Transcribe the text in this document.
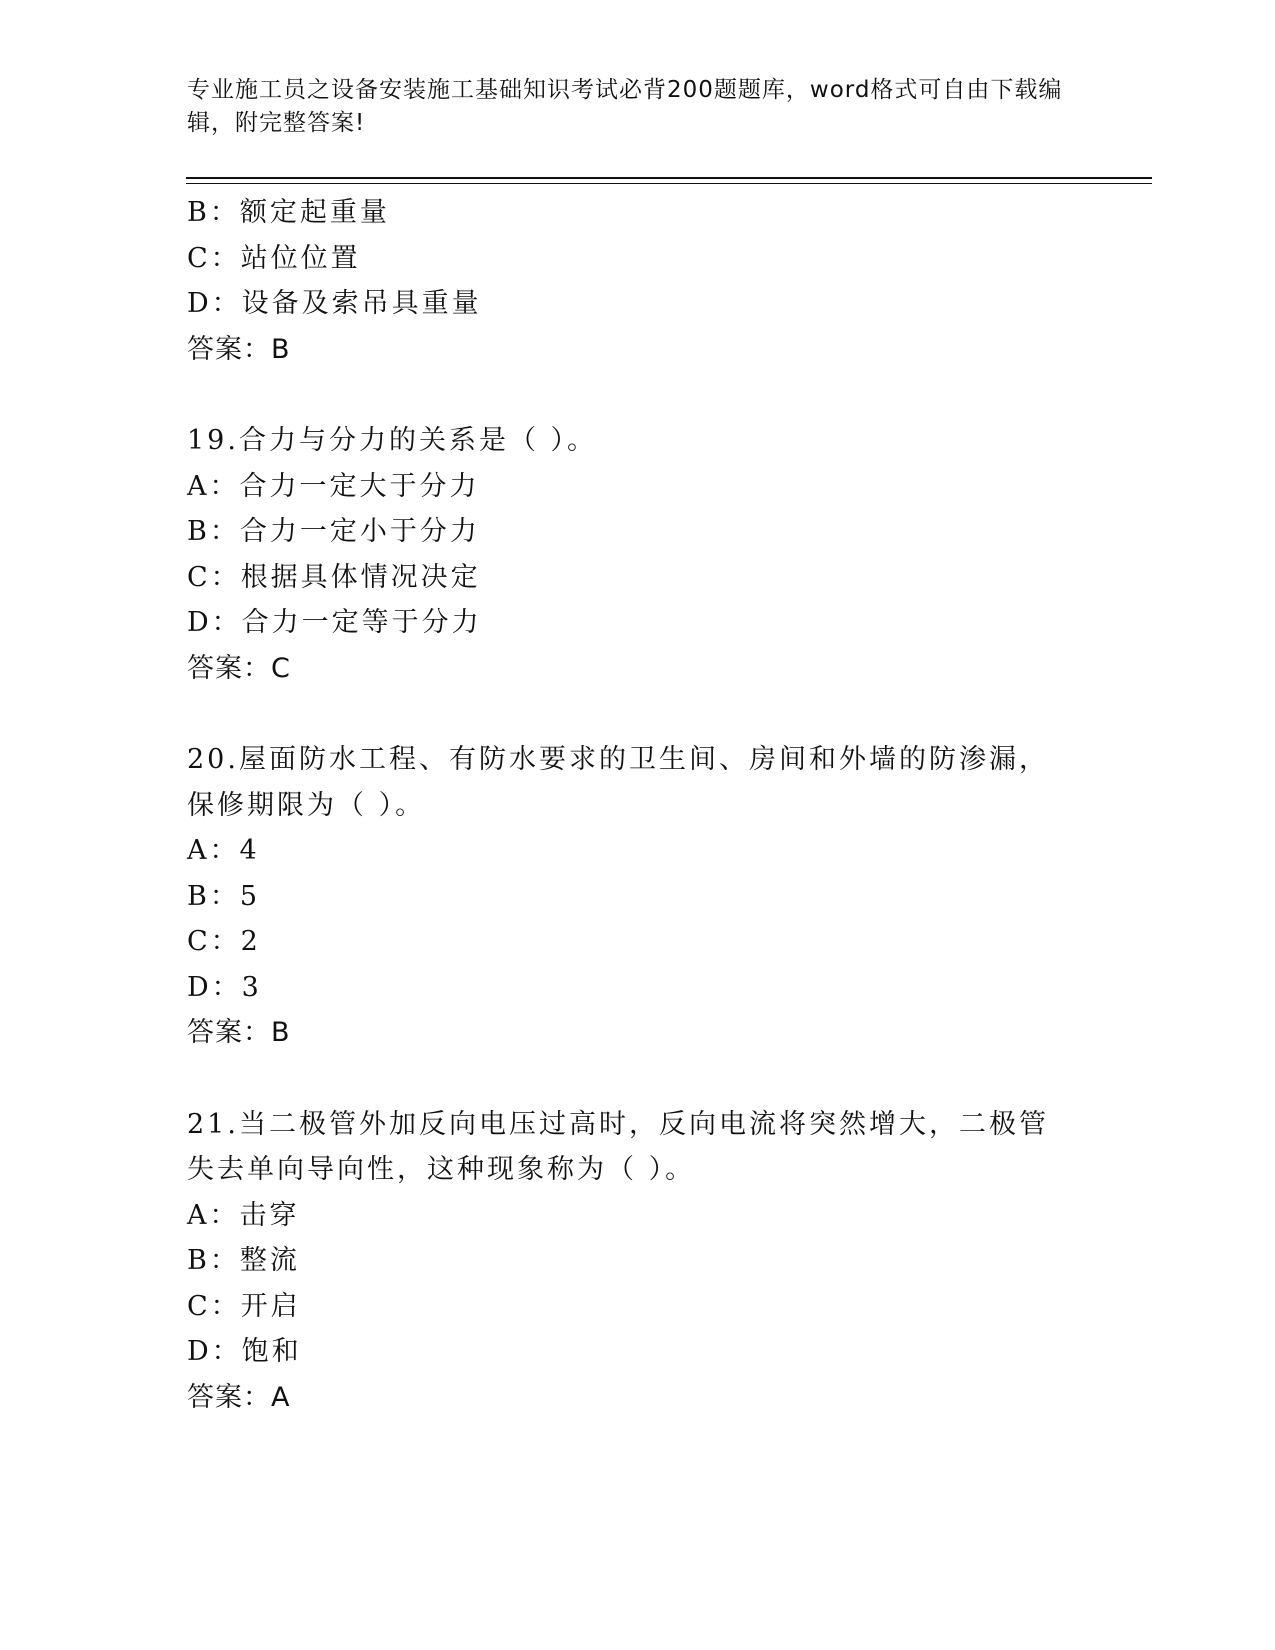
专业施工员之设备安装施工基础知识考试必背200题题库，word格式可自由下载编辑，附完整答案!
B：额定起重量
C：站位位置
D：设备及索吊具重量
答案：B
19.合力与分力的关系是（ ）。
A：合力一定大于分力
B：合力一定小于分力
C：根据具体情况决定
D：合力一定等于分力
答案：C
20.屋面防水工程、有防水要求的卫生间、房间和外墙的防渗漏，保修期限为（ ）。
A：4
B：5
C：2
D：3
答案：B
21.当二极管外加反向电压过高时，反向电流将突然增大，二极管失去单向导向性，这种现象称为（ ）。
A：击穿
B：整流
C：开启
D：饱和
答案：A
